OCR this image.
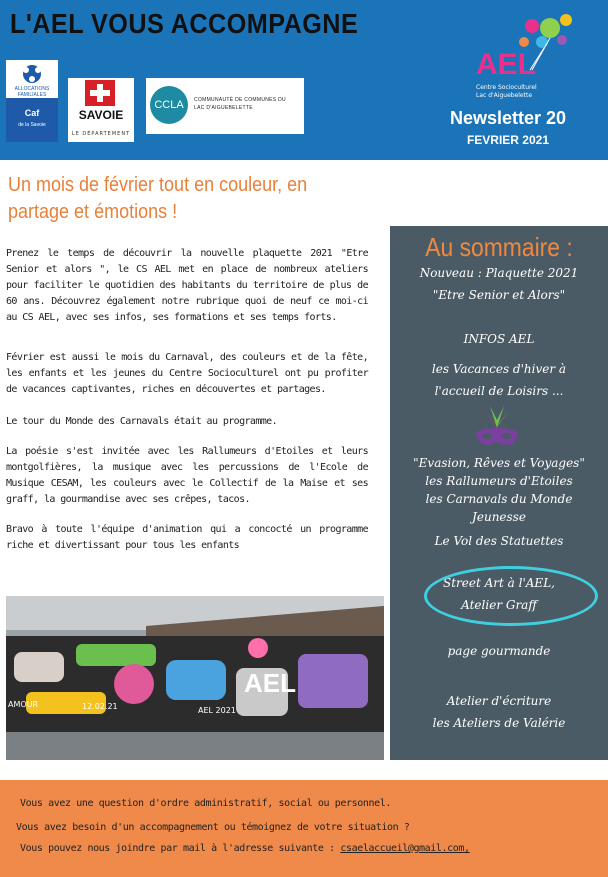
L'AEL VOUS ACCOMPAGNE
ALLOCATIONS
FAMILIALES
Caf
de la Savoie
SAVOIE
LE DÉPARTEMENT
CCLA	COMMUNAUTÉ DE COMMUNES DU
LAC D'AIGUEBELETTE
AEL
Centre Socioculturel
Lac d'Aiguebelette
Newsletter 20
FEVRIER 2021
Un mois de février tout en couleur, en
partage et émotions !
Prenez le temps de découvrir la nouvelle plaquette 2021 "Etre Senior et alors ", le CS AEL met en place de nombreux ateliers pour faciliter le quotidien des habitants du territoire de plus de 60 ans. Découvrez également notre rubrique quoi de neuf ce moi-ci au CS AEL, avec ses infos, ses formations et ses temps forts.
Février est aussi le mois du Carnaval, des couleurs et de la fête, les enfants et les jeunes du Centre Socioculturel ont pu profiter de vacances captivantes, riches en découvertes et partages.
Le tour du Monde des Carnavals était au programme.
La poésie s'est invitée avec les Rallumeurs d'Etoiles et leurs montgolfières, la musique avec les percussions de l'Ecole de Musique CESAM, les couleurs avec le Collectif de la Maise et ses graff, la gourmandise avec ses crêpes, tacos.
Bravo à toute l'équipe d'animation qui a concocté un programme riche et divertissant pour tous les enfants
AEL
AMOUR	12.02.21	AEL 2021
Au sommaire :
Nouveau : Plaquette 2021
"Etre Senior et Alors"
INFOS AEL
les Vacances d'hiver à
l'accueil de Loisirs ...
"Evasion, Rêves et Voyages"
les Rallumeurs d'Etoiles
les Carnavals du Monde
Jeunesse
Le Vol des Statuettes
Street Art à l'AEL,
Atelier Graff
page gourmande
Atelier d'écriture
les Ateliers de Valérie
Vous avez une question d'ordre administratif, social ou personnel.
Vous avez besoin d'un accompagnement ou témoignez de votre situation ?
Vous pouvez nous joindre par mail à l'adresse suivante : csaelaccueil@gmail.com,
